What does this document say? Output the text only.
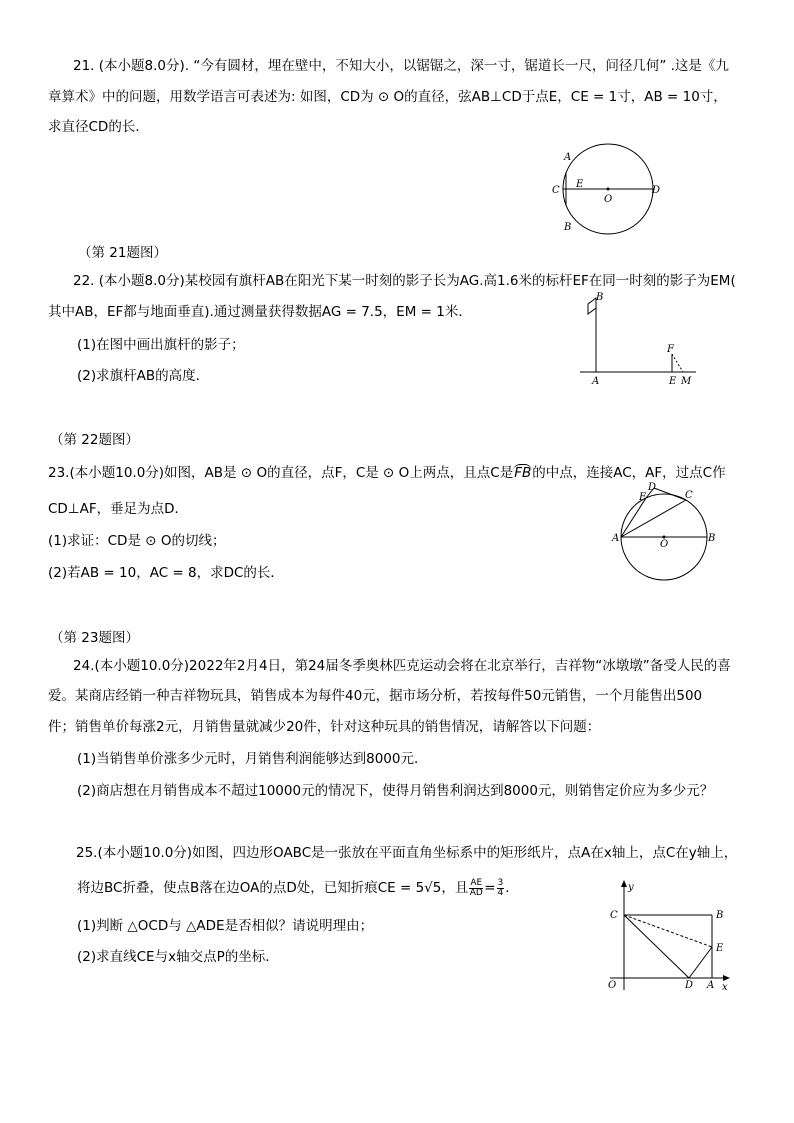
21. (本小题8.0分). “今有圆材，埋在壁中，不知大小，以锯锯之，深一寸，锯道长一尺，问径几何” .这是《九
章算术》中的问题，用数学语言可表述为: 如图，CD为 ⊙ O的直径，弦AB⊥CD于点E，CE = 1寸，AB = 10寸，
求直径CD的长．
A
B
C	D
E
O
（第 21题图）
22. (本小题8.0分)某校园有旗杆AB在阳光下某一时刻的影子长为AG.高1.6米的标杆EF在同一时刻的影子为EM(
其中AB，EF都与地面垂直).通过测量获得数据AG = 7.5，EM = 1米．
(1)在图中画出旗杆的影子；
(2)求旗杆AB的高度．
B
A
F
E M
（第 22题图）
23.(本小题10.0分)如图，AB是 ⊙ O的直径，点F，C是 ⊙ O上两点，且点C是FB的中点，连接AC，AF，过点C作
CD⊥AF，垂足为点D．
(1)求证：CD是 ⊙ O的切线；
(2)若AB = 10，AC = 8，求DC的长．
D
F	C
A	B
O
（第 23题图）
24.(本小题10.0分)2022年2月4日，第24届冬季奥林匹克运动会将在北京举行，吉祥物“冰墩墩”备受人民的喜
爱。某商店经销一种吉祥物玩具，销售成本为每件40元，据市场分析，若按每件50元销售，一个月能售出500
件；销售单价每涨2元，月销售量就减少20件，针对这种玩具的销售情况，请解答以下问题：
(1)当销售单价涨多少元时，月销售利润能够达到8000元．
(2)商店想在月销售成本不超过10000元的情况下，使得月销售利润达到8000元，则销售定价应为多少元？
25.(本小题10.0分)如图，四边形OABC是一张放在平面直角坐标系中的矩形纸片，点A在x轴上，点C在y轴上，
将边BC折叠，使点B落在边OA的点D处，已知折痕CE = 5√5，且 $\frac{AE}{AD} = \frac{3}{4}$ .
(1)判断 △OCD与 △ADE是否相似？请说明理由；
(2)求直线CE与x轴交点P的坐标．
y
C	B
E
O	D A x
